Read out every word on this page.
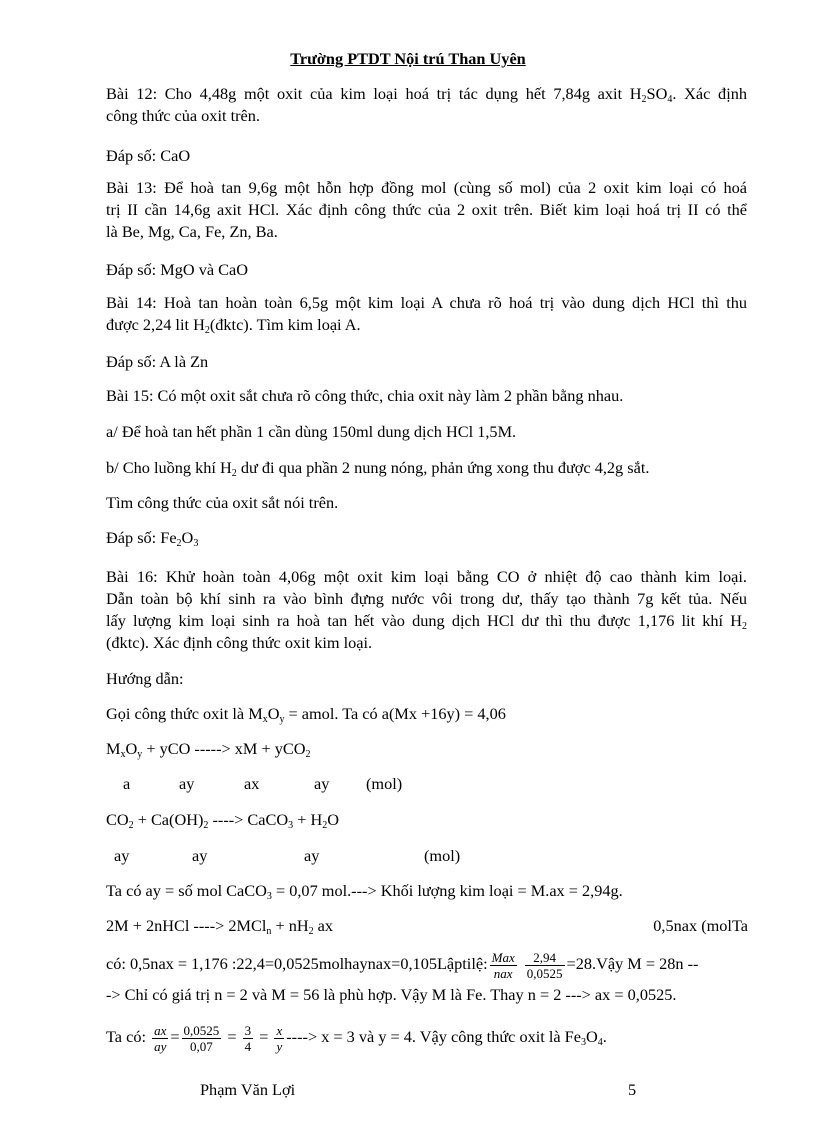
Trường PTDT Nội trú Than Uyên
Bài 12: Cho 4,48g một oxit của kim loại hoá trị tác dụng hết 7,84g axit $H_2SO_4$. Xác định
công thức của oxit trên.
Đáp số: CaO
Bài 13: Để hoà tan 9,6g một hỗn hợp đồng mol (cùng số mol) của 2 oxit kim loại có hoá
trị II cần 14,6g axit HCl. Xác định công thức của 2 oxit trên. Biết kim loại hoá trị II có thể
là Be, Mg, Ca, Fe, Zn, Ba.
Đáp số: MgO và CaO
Bài 14: Hoà tan hoàn toàn 6,5g một kim loại A chưa rõ hoá trị vào dung dịch HCl thì thu
được 2,24 lit $H_2(đktc)$. Tìm kim loại A.
Đáp số: A là Zn
Bài 15: Có một oxit sắt chưa rõ công thức, chia oxit này làm 2 phần bằng nhau.
a/ Để hoà tan hết phần 1 cần dùng 150ml dung dịch HCl 1,5M.
b/ Cho luồng khí $H_2$ dư đi qua phần 2 nung nóng, phản ứng xong thu được 4,2g sắt.
Tìm công thức của oxit sắt nói trên.
Đáp số: $Fe_2O_3$
Bài 16: Khử hoàn toàn 4,06g một oxit kim loại bằng CO ở nhiệt độ cao thành kim loại.
Dẫn toàn bộ khí sinh ra vào bình đựng nước vôi trong dư, thấy tạo thành 7g kết tủa. Nếu
lấy lượng kim loại sinh ra hoà tan hết vào dung dịch HCl dư thì thu được 1,176 lit khí $H_2$
(đktc). Xác định công thức oxit kim loại.
Hướng dẫn:
Gọi công thức oxit là $M_xO_y$ = amol. Ta có a(Mx +16y) = 4,06
$M_xO_y$ + yCO -----> xM + yCO$_2$
a	ay	ax	ay (mol)
$CO_2 + Ca(OH)_2$ ----> CaCO$_3$ + $H_2O$
ay	ay	ay	(mol)
Ta có ay = số mol CaCO$_3$ = 0,07 mol.---> Khối lượng kim loại = M.ax = 2,94g.
2M + 2nHCl ----> $2MCl_n + nH_2$ ax	0,5nax (molTa
có: 0,5nax = 1,176 :22,4=0,0525molhaynax=0,105Lậptilệ: $\frac{\text{Max}}{\text{nax}}$
$\frac{2,94}{0,0525}$ =28.Vậy M = 28n --
-> Chỉ có giá trị n = 2 và M = 56 là phù hợp. Vậy M là Fe. Thay n = 2 ---> ax = 0,0525.
Ta có: $\frac{ax}{ay} = \frac{0,0525}{0,07} = \frac{3}{4} = \frac{x}{y}$ ----> x = 3 và y = 4. Vậy công thức oxit là $Fe_3O_4$.
Phạm Văn Lợi	5
